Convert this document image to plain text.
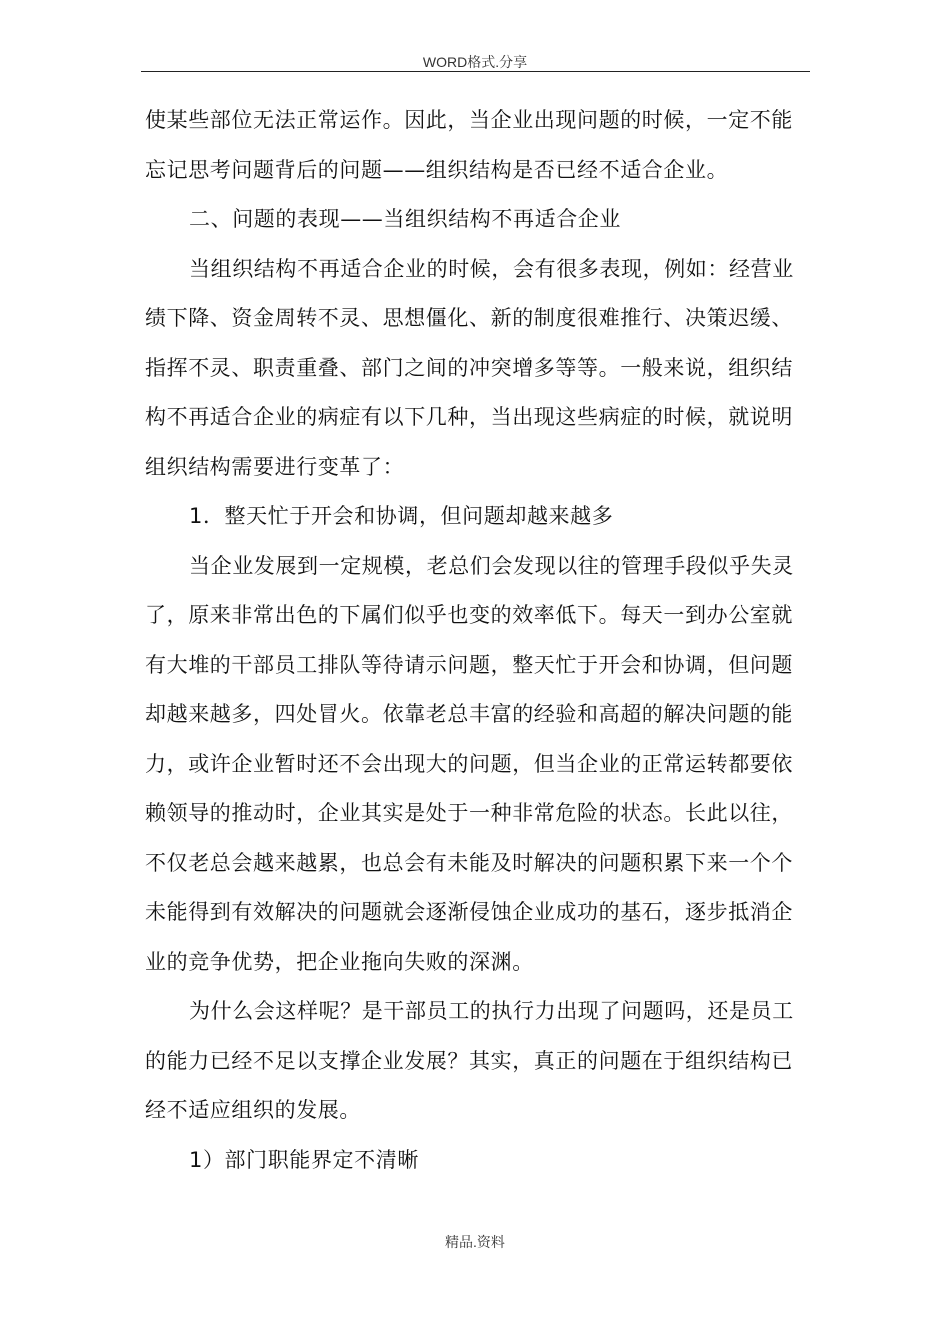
WORD格式.分享
使某些部位无法正常运作。因此，当企业出现问题的时候，一定不能
忘记思考问题背后的问题——组织结构是否已经不适合企业。
二、问题的表现——当组织结构不再适合企业
当组织结构不再适合企业的时候，会有很多表现，例如：经营业
绩下降、资金周转不灵、思想僵化、新的制度很难推行、决策迟缓、
指挥不灵、职责重叠、部门之间的冲突增多等等。一般来说，组织结
构不再适合企业的病症有以下几种，当出现这些病症的时候，就说明
组织结构需要进行变革了：
1．整天忙于开会和协调，但问题却越来越多
当企业发展到一定规模，老总们会发现以往的管理手段似乎失灵
了，原来非常出色的下属们似乎也变的效率低下。每天一到办公室就
有大堆的干部员工排队等待请示问题，整天忙于开会和协调，但问题
却越来越多，四处冒火。依靠老总丰富的经验和高超的解决问题的能
力，或许企业暂时还不会出现大的问题，但当企业的正常运转都要依
赖领导的推动时，企业其实是处于一种非常危险的状态。长此以往，
不仅老总会越来越累，也总会有未能及时解决的问题积累下来一个个
未能得到有效解决的问题就会逐渐侵蚀企业成功的基石，逐步抵消企
业的竞争优势，把企业拖向失败的深渊。
为什么会这样呢？是干部员工的执行力出现了问题吗，还是员工
的能力已经不足以支撑企业发展？其实，真正的问题在于组织结构已
经不适应组织的发展。
1）部门职能界定不清晰
精品.资料
